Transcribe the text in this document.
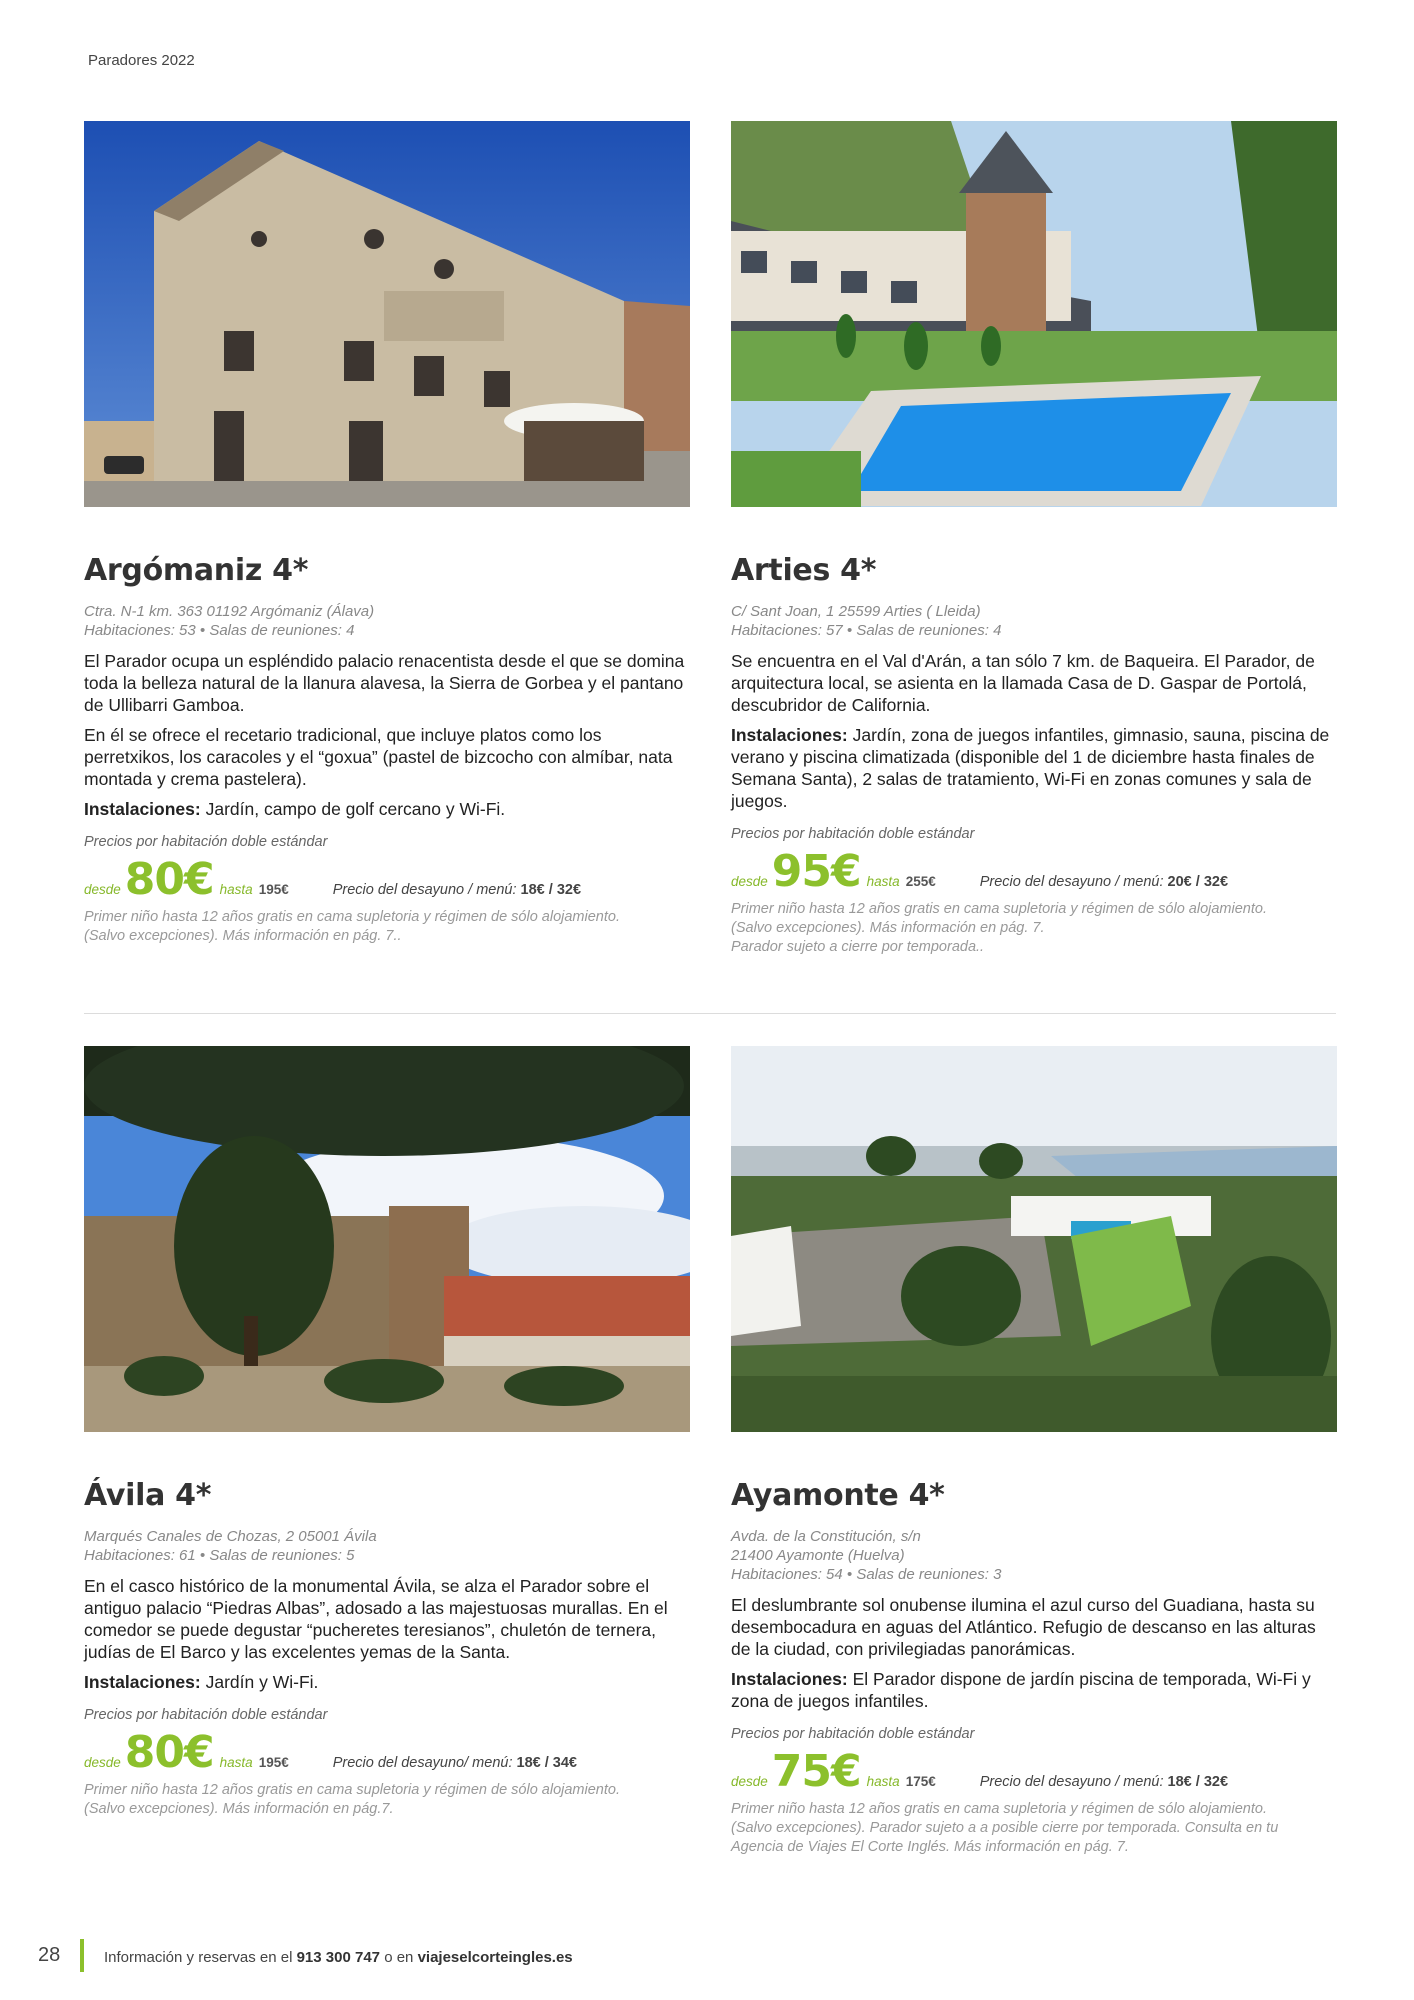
Paradores 2022
Argómaniz 4*
Ctra. N-1 km. 363 01192 Argómaniz (Álava)
Habitaciones: 53 • Salas de reuniones: 4

El Parador ocupa un espléndido palacio renacentista desde el que se domina toda la belleza natural de la llanura alavesa, la Sierra de Gorbea y el pantano de Ullibarri Gamboa.

En él se ofrece el recetario tradicional, que incluye platos como los perretxikos, los caracoles y el “goxua” (pastel de bizcocho con almíbar, nata montada y crema pastelera).

Instalaciones: Jardín, campo de golf cercano y Wi-Fi.

Precios por habitación doble estándar
desde 80€ hasta 195€	Precio del desayuno / menú: 18€ / 32€
Primer niño hasta 12 años gratis en cama supletoria y régimen de sólo alojamiento.
(Salvo excepciones). Más información en pág. 7..
Arties 4*
C/ Sant Joan, 1 25599 Arties ( Lleida)
Habitaciones: 57 • Salas de reuniones: 4

Se encuentra en el Val d'Arán, a tan sólo 7 km. de Baqueira. El Parador, de arquitectura local, se asienta en la llamada Casa de D. Gaspar de Portolá, descubridor de California.

Instalaciones: Jardín, zona de juegos infantiles, gimnasio, sauna, piscina de verano y piscina climatizada (disponible del 1 de diciembre hasta finales de Semana Santa), 2 salas de tratamiento, Wi-Fi en zonas comunes y sala de juegos.

Precios por habitación doble estándar
desde 95€ hasta 255€	Precio del desayuno / menú: 20€ / 32€
Primer niño hasta 12 años gratis en cama supletoria y régimen de sólo alojamiento.
(Salvo excepciones). Más información en pág. 7.
Parador sujeto a cierre por temporada..
Ávila 4*
Marqués Canales de Chozas, 2 05001 Ávila
Habitaciones: 61 • Salas de reuniones: 5

En el casco histórico de la monumental Ávila, se alza el Parador sobre el antiguo palacio “Piedras Albas”, adosado a las majestuosas murallas. En el comedor se puede degustar “pucheretes teresianos”, chuletón de ternera, judías de El Barco y las excelentes yemas de la Santa.

Instalaciones: Jardín y Wi-Fi.

Precios por habitación doble estándar
desde 80€ hasta 195€	Precio del desayuno/ menú: 18€ / 34€
Primer niño hasta 12 años gratis en cama supletoria y régimen de sólo alojamiento.
(Salvo excepciones). Más información en pág.7.
Ayamonte 4*
Avda. de la Constitución, s/n
21400 Ayamonte (Huelva)
Habitaciones: 54 • Salas de reuniones: 3

El deslumbrante sol onubense ilumina el azul curso del Guadiana, hasta su desembocadura en aguas del Atlántico. Refugio de descanso en las alturas de la ciudad, con privilegiadas panorámicas.

Instalaciones: El Parador dispone de jardín piscina de temporada, Wi-Fi y zona de juegos infantiles.

Precios por habitación doble estándar
desde 75€ hasta 175€	Precio del desayuno / menú: 18€ / 32€
Primer niño hasta 12 años gratis en cama supletoria y régimen de sólo alojamiento.
(Salvo excepciones). Parador sujeto a a posible cierre por temporada. Consulta en tu
Agencia de Viajes El Corte Inglés. Más información en pág. 7.
28	Información y reservas en el 913 300 747 o en viajeselcorteingles.es
